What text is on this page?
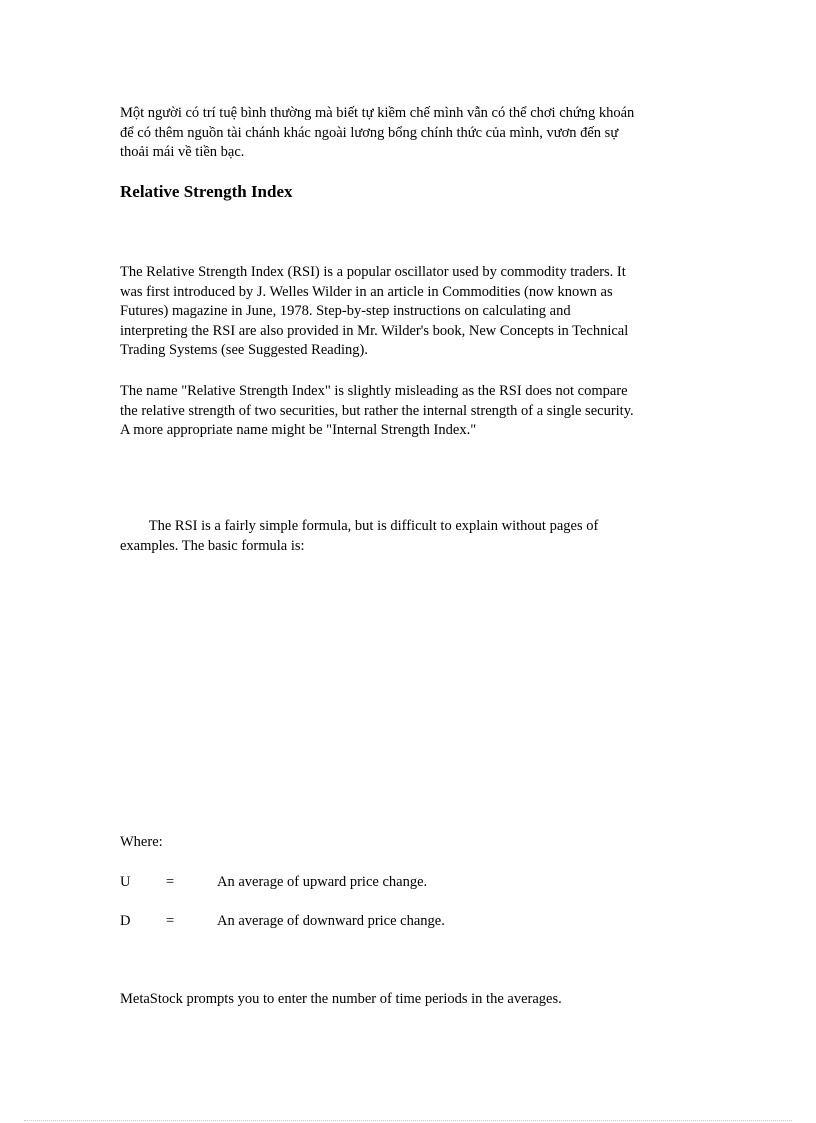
Một người có trí tuệ bình thường mà biết tự kiềm chế mình vẫn có thể chơi chứng khoán
để có thêm nguồn tài chánh khác ngoài lương bổng chính thức của mình, vươn đến sự
thoải mái về tiền bạc.
Relative Strength Index
The Relative Strength Index (RSI) is a popular oscillator used by commodity traders. It
was first introduced by J. Welles Wilder in an article in Commodities (now known as
Futures) magazine in June, 1978. Step-by-step instructions on calculating and
interpreting the RSI are also provided in Mr. Wilder's book, New Concepts in Technical
Trading Systems (see Suggested Reading).
The name "Relative Strength Index" is slightly misleading as the RSI does not compare
the relative strength of two securities, but rather the internal strength of a single security.
A more appropriate name might be "Internal Strength Index."
The RSI is a fairly simple formula, but is difficult to explain without pages of
examples. The basic formula is:
Where:
U =	An average of upward price change.
D =	An average of downward price change.
MetaStock prompts you to enter the number of time periods in the averages.
